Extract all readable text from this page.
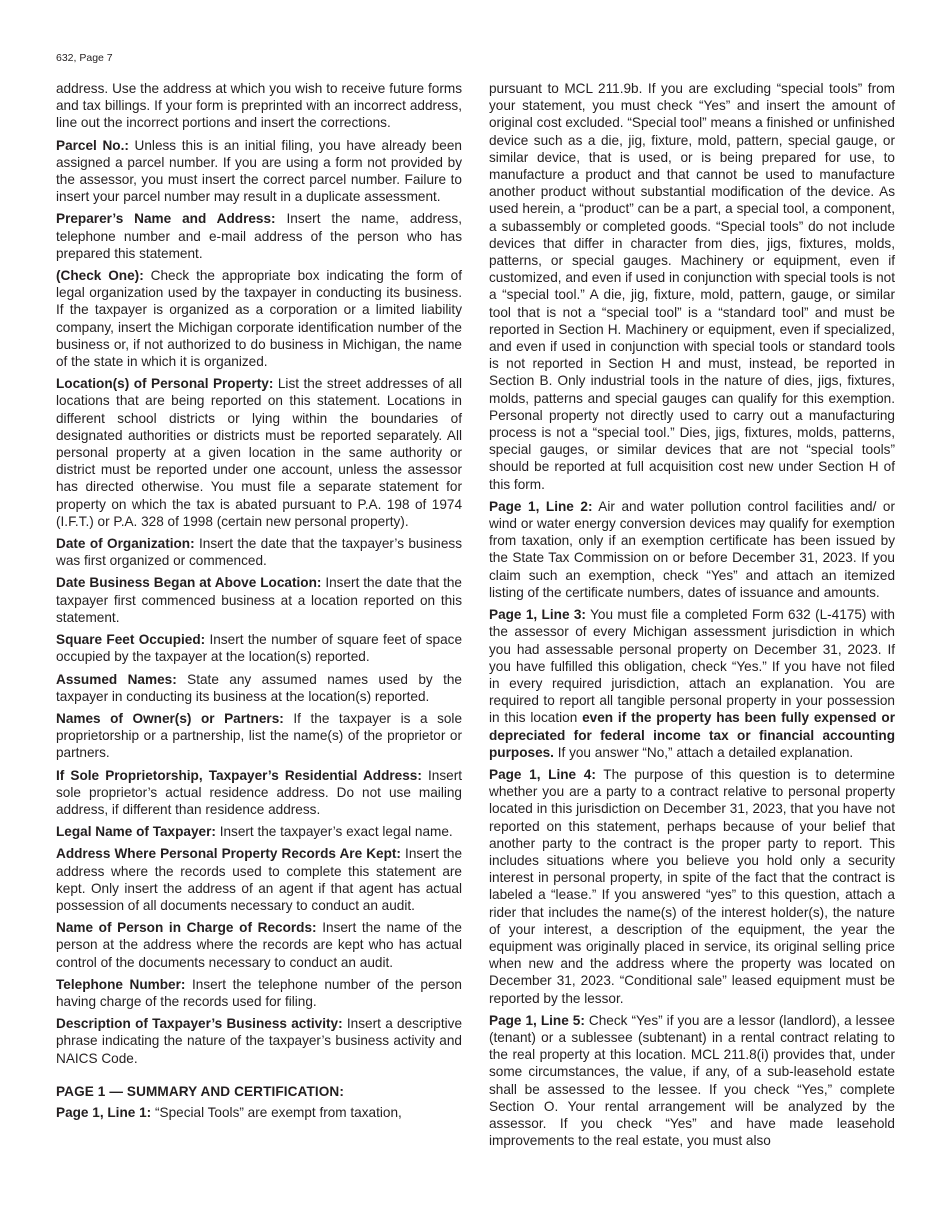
632, Page 7

address. Use the address at which you wish to receive future forms and tax billings. If your form is preprinted with an incorrect address, line out the incorrect portions and insert the corrections.

Parcel No.: Unless this is an initial filing, you have already been assigned a parcel number. If you are using a form not provided by the assessor, you must insert the correct parcel number. Failure to insert your parcel number may result in a duplicate assessment.

Preparer’s Name and Address: Insert the name, address, telephone number and e-mail address of the person who has prepared this statement.

(Check One): Check the appropriate box indicating the form of legal organization used by the taxpayer in conducting its business. If the taxpayer is organized as a corporation or a limited liability company, insert the Michigan corporate identification number of the business or, if not authorized to do business in Michigan, the name of the state in which it is organized.

Location(s) of Personal Property: List the street addresses of all locations that are being reported on this statement. Locations in different school districts or lying within the boundaries of designated authorities or districts must be reported separately. All personal property at a given location in the same authority or district must be reported under one account, unless the assessor has directed otherwise. You must file a separate statement for property on which the tax is abated pursuant to P.A. 198 of 1974 (I.F.T.) or P.A. 328 of 1998 (certain new personal property).

Date of Organization: Insert the date that the taxpayer’s business was first organized or commenced.

Date Business Began at Above Location: Insert the date that the taxpayer first commenced business at a location reported on this statement.

Square Feet Occupied: Insert the number of square feet of space occupied by the taxpayer at the location(s) reported.

Assumed Names: State any assumed names used by the taxpayer in conducting its business at the location(s) reported.

Names of Owner(s) or Partners: If the taxpayer is a sole proprietorship or a partnership, list the name(s) of the proprietor or partners.

If Sole Proprietorship, Taxpayer’s Residential Address: Insert sole proprietor’s actual residence address. Do not use mailing address, if different than residence address.

Legal Name of Taxpayer: Insert the taxpayer’s exact legal name.

Address Where Personal Property Records Are Kept: Insert the address where the records used to complete this statement are kept. Only insert the address of an agent if that agent has actual possession of all documents necessary to conduct an audit.

Name of Person in Charge of Records: Insert the name of the person at the address where the records are kept who has actual control of the documents necessary to conduct an audit.

Telephone Number: Insert the telephone number of the person having charge of the records used for filing.

Description of Taxpayer’s Business activity: Insert a descriptive phrase indicating the nature of the taxpayer’s business activity and NAICS Code.

PAGE 1 — SUMMARY AND CERTIFICATION:

Page 1, Line 1: “Special Tools” are exempt from taxation,

pursuant to MCL 211.9b. If you are excluding “special tools” from your statement, you must check “Yes” and insert the amount of original cost excluded. “Special tool” means a finished or unfinished device such as a die, jig, fixture, mold, pattern, special gauge, or similar device, that is used, or is being prepared for use, to manufacture a product and that cannot be used to manufacture another product without substantial modification of the device. As used herein, a “product” can be a part, a special tool, a component, a subassembly or completed goods. “Special tools” do not include devices that differ in character from dies, jigs, fixtures, molds, patterns, or special gauges. Machinery or equipment, even if customized, and even if used in conjunction with special tools is not a “special tool.” A die, jig, fixture, mold, pattern, gauge, or similar tool that is not a “special tool” is a “standard tool” and must be reported in Section H. Machinery or equipment, even if specialized, and even if used in conjunction with special tools or standard tools is not reported in Section H and must, instead, be reported in Section B. Only industrial tools in the nature of dies, jigs, fixtures, molds, patterns and special gauges can qualify for this exemption. Personal property not directly used to carry out a manufacturing process is not a “special tool.” Dies, jigs, fixtures, molds, patterns, special gauges, or similar devices that are not “special tools” should be reported at full acquisition cost new under Section H of this form.

Page 1, Line 2: Air and water pollution control facilities and/ or wind or water energy conversion devices may qualify for exemption from taxation, only if an exemption certificate has been issued by the State Tax Commission on or before December 31, 2023. If you claim such an exemption, check “Yes” and attach an itemized listing of the certificate numbers, dates of issuance and amounts.

Page 1, Line 3: You must file a completed Form 632 (L-4175) with the assessor of every Michigan assessment jurisdiction in which you had assessable personal property on December 31, 2023. If you have fulfilled this obligation, check “Yes.” If you have not filed in every required jurisdiction, attach an explanation. You are required to report all tangible personal property in your possession in this location even if the property has been fully expensed or depreciated for federal income tax or financial accounting purposes. If you answer “No,” attach a detailed explanation.

Page 1, Line 4: The purpose of this question is to determine whether you are a party to a contract relative to personal property located in this jurisdiction on December 31, 2023, that you have not reported on this statement, perhaps because of your belief that another party to the contract is the proper party to report. This includes situations where you believe you hold only a security interest in personal property, in spite of the fact that the contract is labeled a “lease.” If you answered “yes” to this question, attach a rider that includes the name(s) of the interest holder(s), the nature of your interest, a description of the equipment, the year the equipment was originally placed in service, its original selling price when new and the address where the property was located on December 31, 2023. “Conditional sale” leased equipment must be reported by the lessor.

Page 1, Line 5: Check “Yes” if you are a lessor (landlord), a lessee (tenant) or a sublessee (subtenant) in a rental contract relating to the real property at this location. MCL 211.8(i) provides that, under some circumstances, the value, if any, of a sub-leasehold estate shall be assessed to the lessee. If you check “Yes,” complete Section O. Your rental arrangement will be analyzed by the assessor. If you check “Yes” and have made leasehold improvements to the real estate, you must also
